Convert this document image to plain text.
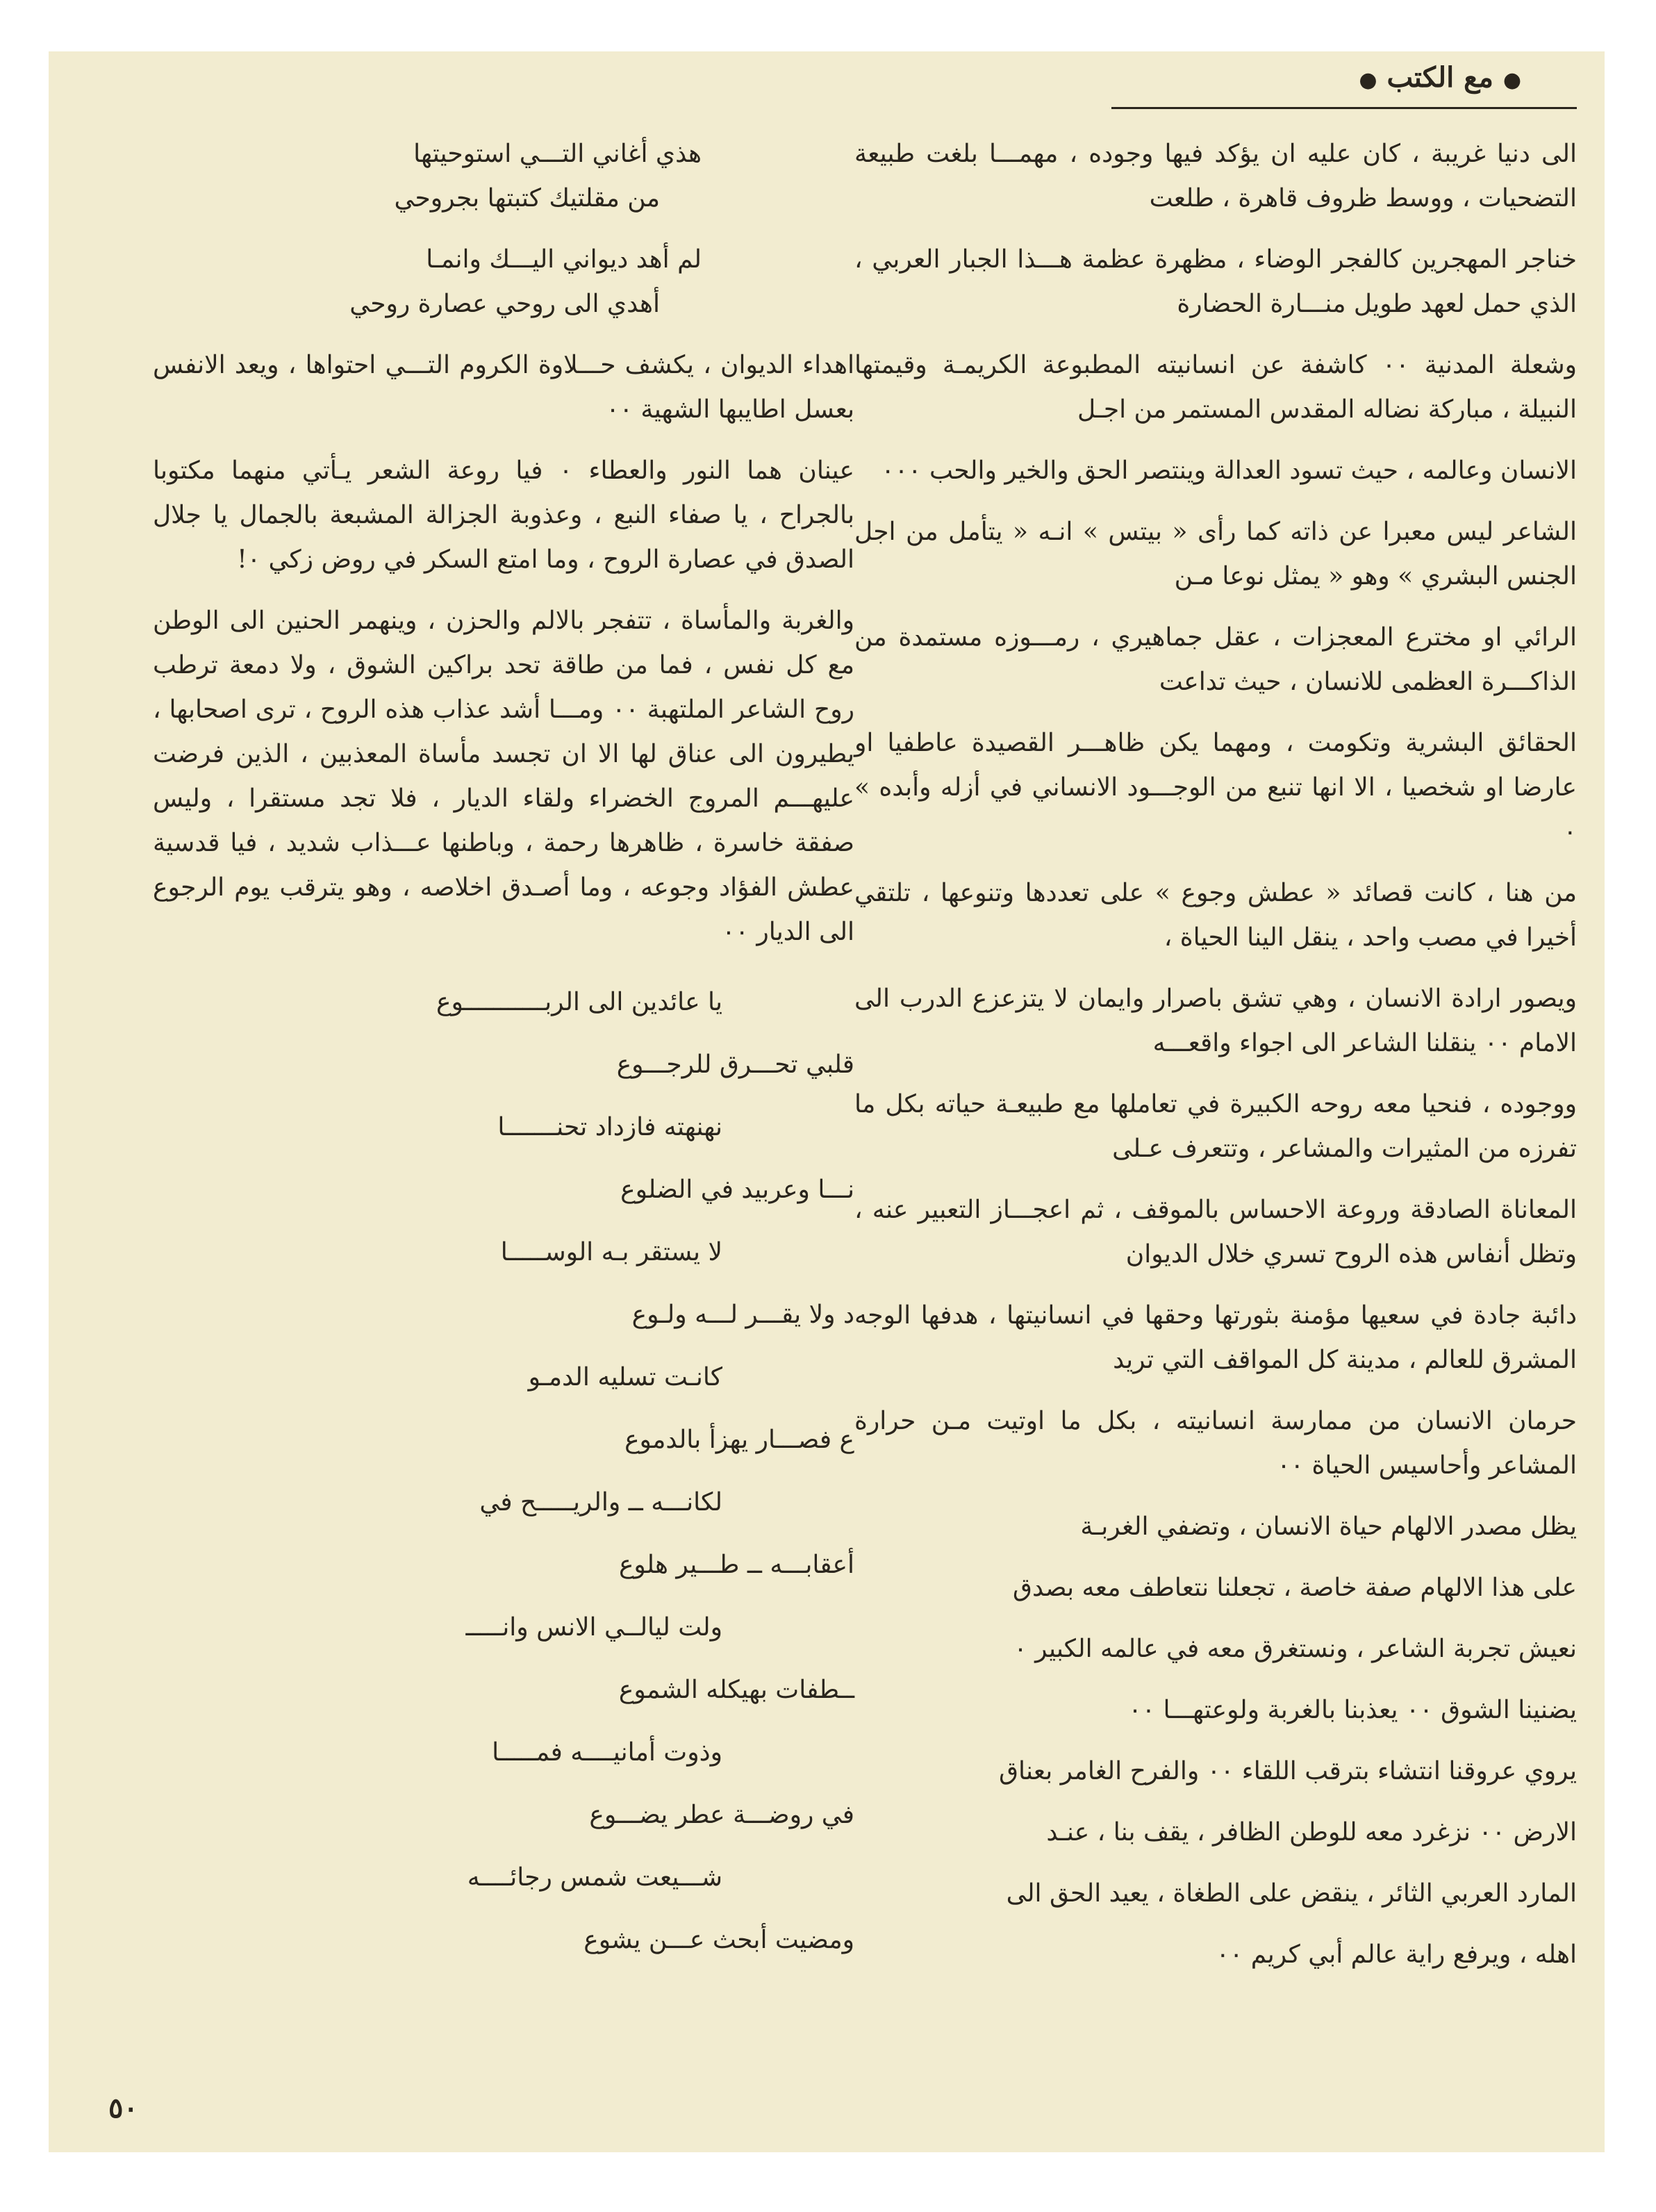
● مع الكتب ●

الى دنيا غريبة ، كان عليه ان يؤكد فيها وجوده ، مهمـــا بلغت طبيعة التضحيات ، ووسط ظروف قاهرة ، طلعت

خناجر المهجرين كالفجر الوضاء ، مظهرة عظمة هـــذا الجبار العربي ، الذي حمل لعهد طويل منـــارة الحضارة

وشعلة المدنية ٠٠ كاشفة عن انسانيته المطبوعة الكريمـة وقيمتها النبيلة ، مباركة نضاله المقدس المستمر من اجـل

الانسان وعالمه ، حيث تسود العدالة وينتصر الحق والخير والحب ٠٠٠

الشاعر ليس معبرا عن ذاته كما رأى « بيتس » انـه « يتأمل من اجل الجنس البشري » وهو « يمثل نوعا مـن

الرائي او مخترع المعجزات ، عقل جماهيري ، رمـــوزه مستمدة من الذاكـــرة العظمى للانسان ، حيث تداعت

الحقائق البشرية وتكومت ، ومهما يكن ظاهـــر القصيدة عاطفيا او عارضا او شخصيا ، الا انها تنبع من الوجـــود الانساني في أزله وأبده » ٠

من هنا ، كانت قصائد « عطش وجوع » على تعددها وتنوعها ، تلتقي أخيرا في مصب واحد ، ينقل الينا الحياة ،

ويصور ارادة الانسان ، وهي تشق باصرار وايمان لا يتزعزع الدرب الى الامام ٠٠ ينقلنا الشاعر الى اجواء واقعـــه

ووجوده ، فنحيا معه روحه الكبيرة في تعاملها مع طبيعـة حياته بكل ما تفرزه من المثيرات والمشاعر ، وتتعرف عـلى

المعاناة الصادقة وروعة الاحساس بالموقف ، ثم اعجـــاز التعبير عنه ، وتظل أنفاس هذه الروح تسري خلال الديوان

دائبة جادة في سعيها مؤمنة بثورتها وحقها في انسانيتها ، هدفها الوجه المشرق للعالم ، مدينة كل المواقف التي تريد

حرمان الانسان من ممارسة انسانيته ، بكل ما اوتيت مـن حرارة المشاعر وأحاسيس الحياة ٠٠

يظل مصدر الالهام حياة الانسان ، وتضفي الغربـة

على هذا الالهام صفة خاصة ، تجعلنا نتعاطف معه بصدق

نعيش تجربة الشاعر ، ونستغرق معه في عالمه الكبير ٠

يضنينا الشوق ٠٠ يعذبنا بالغربة ولوعتهـــا ٠٠

يروي عروقنا انتشاء بترقب اللقاء ٠٠ والفرح الغامر بعناق

الارض ٠٠ نزغرد معه للوطن الظافر ، يقف بنا ، عنـد

المارد العربي الثائر ، ينقض على الطغاة ، يعيد الحق الى

اهله ، ويرفع راية عالم أبي كريم ٠٠

هذي أغاني التـــي استوحيتها
من مقلتيك كتبتها بجروحي
لم أهد ديواني اليـــك وانمـا
أهدي الى روحي عصارة روحي

اهداء الديوان ، يكشف حـــلاوة الكروم التـــي احتواها ، ويعد الانفس بعسل اطايبها الشهية ٠٠

عينان هما النور والعطاء ٠ فيا روعة الشعر يـأتي منهما مكتوبا بالجراح ، يا صفاء النبع ، وعذوبة الجزالة المشبعة بالجمال يا جلال الصدق في عصارة الروح ، وما امتع السكر في روض زكي ٠!

والغربة والمأساة ، تتفجر بالالم والحزن ، وينهمر الحنين الى الوطن مع كل نفس ، فما من طاقة تحد براكين الشوق ، ولا دمعة ترطب روح الشاعر الملتهبة ٠٠ ومـــا أشد عذاب هذه الروح ، ترى اصحابها ، يطيرون الى عناق لها الا ان تجسد مأساة المعذبين ، الذين فرضت عليهـــم المروج الخضراء ولقاء الديار ، فلا تجد مستقرا ، وليس صفقة خاسرة ، ظاهرها رحمة ، وباطنها عـــذاب شديد ، فيا قدسية عطش الفؤاد وجوعه ، وما أصـدق اخلاصه ، وهو يترقب يوم الرجوع الى الديار ٠٠

يا عائدين الى الربـــــــــــوع
قلبي تحـــرق للرجـــوع
نهنهته فازداد تحنـــــــا
نـــا وعربيد في الضلوع
لا يستقر بـه الوســـــا
د ولا يقـــر لـــه ولـوع
كانـت تسليه الدمـو
ع فصـــار يهزأ بالدموع
لكانـــه ــ والريـــــح في
أعقابـــه ــ طـــير هلوع
ولت ليالــي الانس وانـــــ
ــطفات بهيكله الشموع
وذوت أمانيــــه فمـــــا
في روضـــة عطر يضـــوع
شـــيعت شمس رجائــــه
ومضيت أبحث عـــن يشوع
٥٠
